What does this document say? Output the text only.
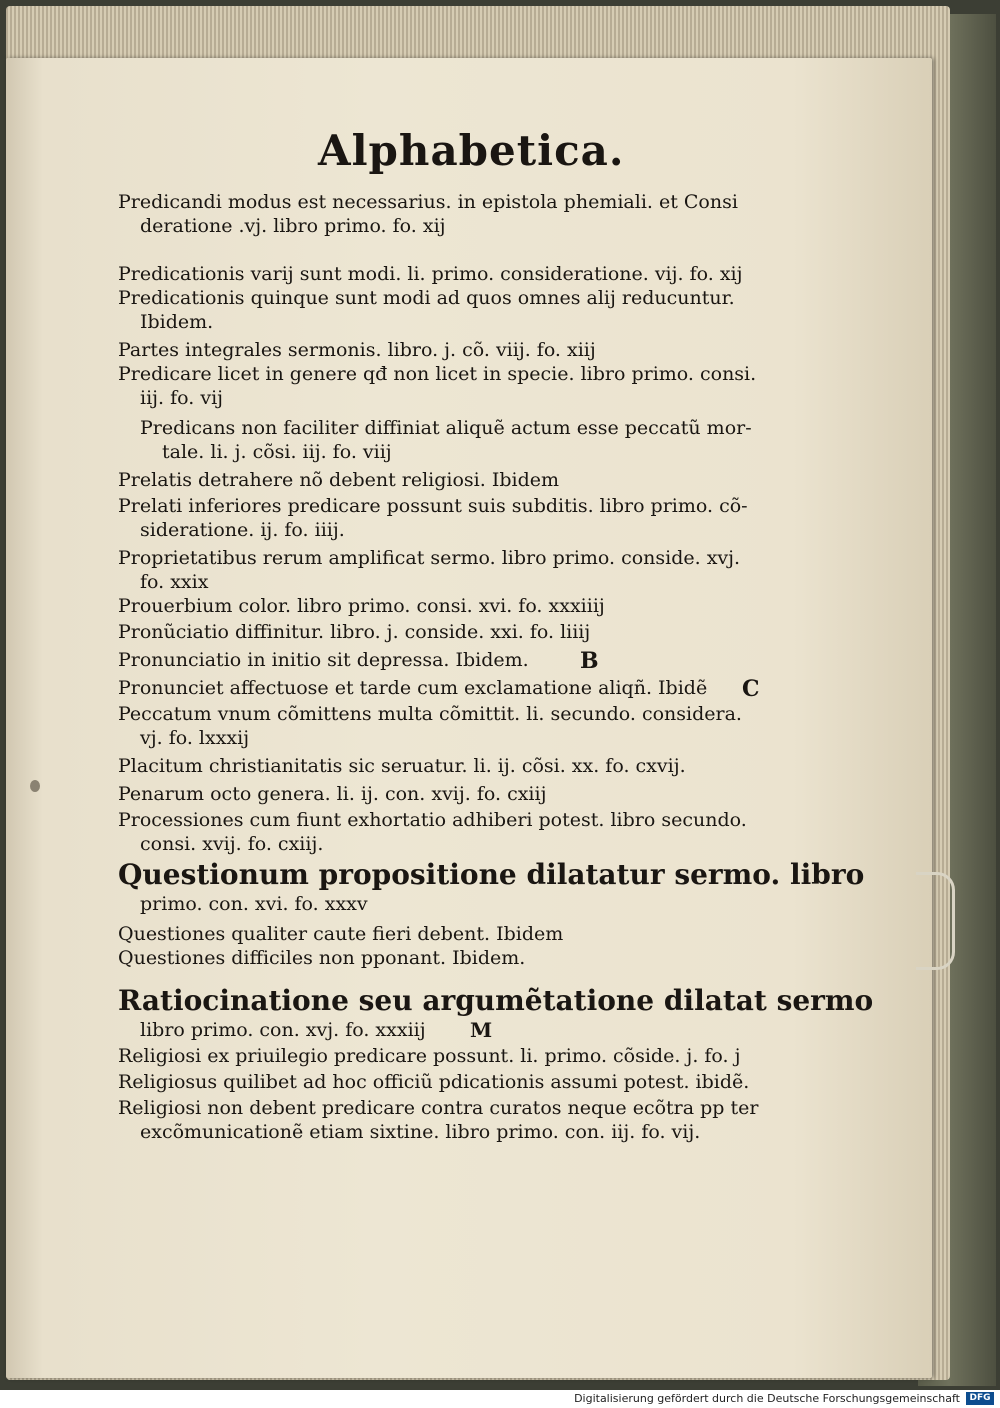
Alphabetica.
Predicandi modus est necessarius. in epistola phemiali. et Consi
deratione .vj. libro primo. fo. xij
Predicationis varij sunt modi. li. primo. consideratione. vij. fo. xij
Predicationis quinque sunt modi ad quos omnes alij reducuntur.
Ibidem.
Partes integrales sermonis. libro. j. cõ. viij. fo. xiij
Predicare licet in genere qđ non licet in specie. libro primo. consi.
iij. fo. vij
Predicans non faciliter diffiniat aliquẽ actum esse peccatũ mor-
tale. li. j. cõsi. iij. fo. viij
Prelatis detrahere nõ debent religiosi. Ibidem
Prelati inferiores predicare possunt suis subditis. libro primo. cõ-
sideratione. ij. fo. iiij.
Proprietatibus rerum amplificat sermo. libro primo. conside. xvj.
fo. xxix
Prouerbium color. libro primo. consi. xvi. fo. xxxiiij
Pronũciatio diffinitur. libro. j. conside. xxi. fo. liiij
Pronunciatio in initio sit depressa. Ibidem.
Pronunciet affectuose et tarde cum exclamatione aliqñ. Ibidẽ
Peccatum vnum cõmittens multa cõmittit. li. secundo. considera.
vj. fo. lxxxij
Placitum christianitatis sic seruatur. li. ij. cõsi. xx. fo. cxvij.
Penarum octo genera. li. ij. con. xvij. fo. cxiij
Processiones cum fiunt exhortatio adhiberi potest. libro secundo.
consi. xvij. fo. cxiij.
Questionum propositione dilatatur sermo. libro
primo. con. xvi. fo. xxxv
Questiones qualiter caute fieri debent. Ibidem
Questiones difficiles non pponant. Ibidem.
Ratiocinatione seu argumẽtatione dilatat sermo
libro primo. con. xvj. fo. xxxiij
Religiosi ex priuilegio predicare possunt. li. primo. cõside. j. fo. j
Religiosus quilibet ad hoc officiũ pdicationis assumi potest. ibidẽ.
Religiosi non debent predicare contra curatos neque ecõtra pp ter
excõmunicationẽ etiam sixtine. libro primo. con. iij. fo. vij.
B
C
M
Digitalisierung gefördert durch die Deutsche Forschungsgemeinschaft	DFG
